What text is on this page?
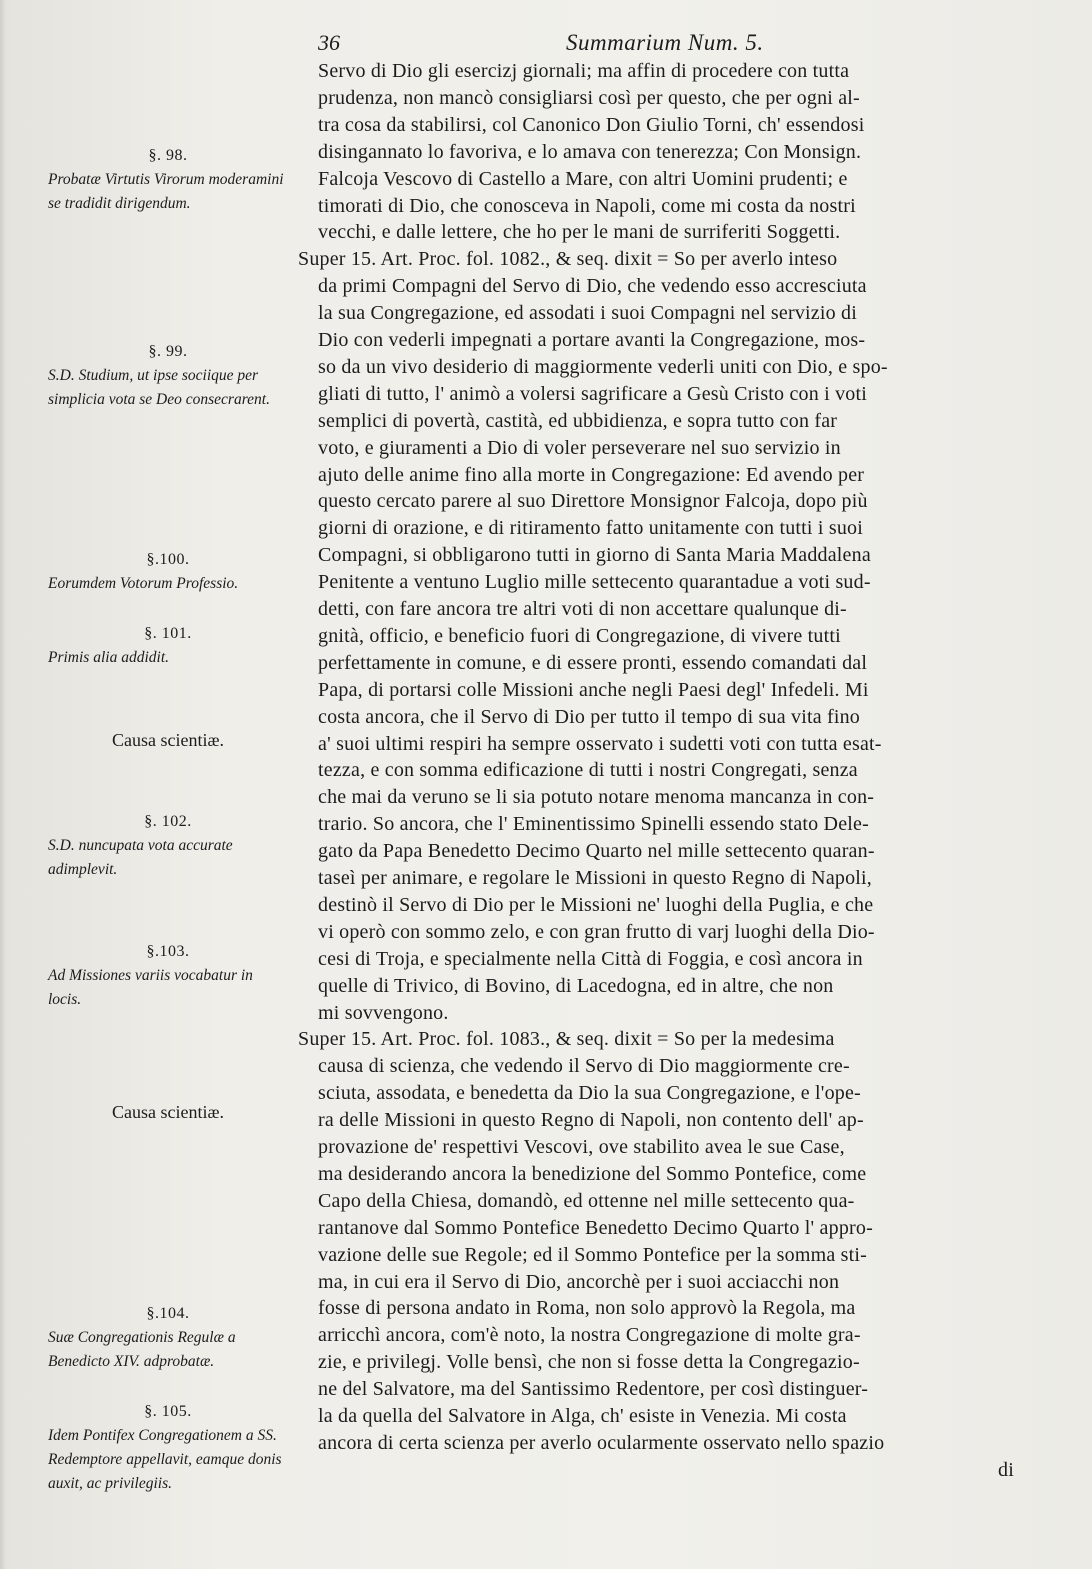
36	Summarium Num. 5.
§. 98.
Probatæ Virtutis Virorum moderamini se tradidit dirigendum.
§. 99.
S.D. Studium, ut ipse sociique per simplicia vota se Deo consecrarent.
§.100.
Eorumdem Votorum Professio.
§. 101.
Primis alia addidit.
Causa scientiæ.
§. 102.
S.D. nuncupata vota accurate adimplevit.
§.103.
Ad Missiones variis vocabatur in locis.
Causa scientiæ.
§.104.
Suæ Congregationis Regulæ a Benedicto XIV. adprobatæ.
§. 105.
Idem Pontifex Congregationem a SS. Redemptore appellavit, eamque donis auxit, ac privilegiis.
Servo di Dio gli esercizj giornali; ma affin di procedere con tutta
prudenza, non mancò consigliarsi così per questo, che per ogni al-
tra cosa da stabilirsi, col Canonico Don Giulio Torni, ch' essendosi
disingannato lo favoriva, e lo amava con tenerezza; Con Monsign.
Falcoja Vescovo di Castello a Mare, con altri Uomini prudenti; e
timorati di Dio, che conosceva in Napoli, come mi costa da nostri
vecchi, e dalle lettere, che ho per le mani de surriferiti Soggetti.
Super 15. Art. Proc. fol. 1082., & seq. dixit = So per averlo inteso
da primi Compagni del Servo di Dio, che vedendo esso accresciuta
la sua Congregazione, ed assodati i suoi Compagni nel servizio di
Dio con vederli impegnati a portare avanti la Congregazione, mos-
so da un vivo desiderio di maggiormente vederli uniti con Dio, e spo-
gliati di tutto, l' animò a volersi sagrificare a Gesù Cristo con i voti
semplici di povertà, castità, ed ubbidienza, e sopra tutto con far
voto, e giuramenti a Dio di voler perseverare nel suo servizio in
ajuto delle anime fino alla morte in Congregazione: Ed avendo per
questo cercato parere al suo Direttore Monsignor Falcoja, dopo più
giorni di orazione, e di ritiramento fatto unitamente con tutti i suoi
Compagni, si obbligarono tutti in giorno di Santa Maria Maddalena
Penitente a ventuno Luglio mille settecento quarantadue a voti sud-
detti, con fare ancora tre altri voti di non accettare qualunque di-
gnità, officio, e beneficio fuori di Congregazione, di vivere tutti
perfettamente in comune, e di essere pronti, essendo comandati dal
Papa, di portarsi colle Missioni anche negli Paesi degl' Infedeli. Mi
costa ancora, che il Servo di Dio per tutto il tempo di sua vita fino
a' suoi ultimi respiri ha sempre osservato i sudetti voti con tutta esat-
tezza, e con somma edificazione di tutti i nostri Congregati, senza
che mai da veruno se li sia potuto notare menoma mancanza in con-
trario. So ancora, che l' Eminentissimo Spinelli essendo stato Dele-
gato da Papa Benedetto Decimo Quarto nel mille settecento quaran-
taseì per animare, e regolare le Missioni in questo Regno di Napoli,
destinò il Servo di Dio per le Missioni ne' luoghi della Puglia, e che
vi operò con sommo zelo, e con gran frutto di varj luoghi della Dio-
cesi di Troja, e specialmente nella Città di Foggia, e così ancora in
quelle di Trivico, di Bovino, di Lacedogna, ed in altre, che non
mi sovvengono.
Super 15. Art. Proc. fol. 1083., & seq. dixit = So per la medesima
causa di scienza, che vedendo il Servo di Dio maggiormente cre-
sciuta, assodata, e benedetta da Dio la sua Congregazione, e l'ope-
ra delle Missioni in questo Regno di Napoli, non contento dell' ap-
provazione de' respettivi Vescovi, ove stabilito avea le sue Case,
ma desiderando ancora la benedizione del Sommo Pontefice, come
Capo della Chiesa, domandò, ed ottenne nel mille settecento qua-
rantanove dal Sommo Pontefice Benedetto Decimo Quarto l' appro-
vazione delle sue Regole; ed il Sommo Pontefice per la somma sti-
ma, in cui era il Servo di Dio, ancorchè per i suoi acciacchi non
fosse di persona andato in Roma, non solo approvò la Regola, ma
arricchì ancora, com'è noto, la nostra Congregazione di molte gra-
zie, e privilegj. Volle bensì, che non si fosse detta la Congregazio-
ne del Salvatore, ma del Santissimo Redentore, per così distinguer-
la da quella del Salvatore in Alga, ch' esiste in Venezia. Mi costa
ancora di certa scienza per averlo ocularmente osservato nello spazio
di
